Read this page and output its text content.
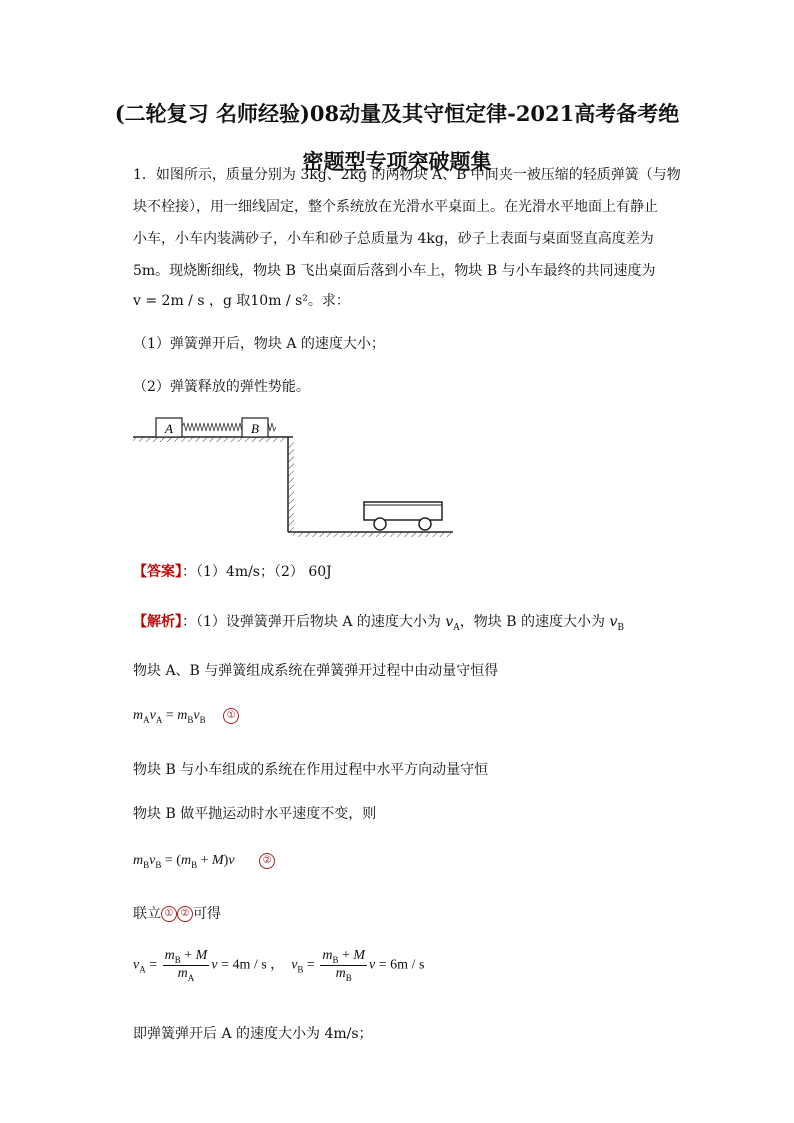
(二轮复习 名师经验)08动量及其守恒定律-2021高考备考绝
密题型专项突破题集
1．如图所示，质量分别为 3kg、2kg 的两物块 A、B 中间夹一被压缩的轻质弹簧（与物
块不栓接），用一细线固定，整个系统放在光滑水平桌面上。在光滑水平地面上有静止
小车，小车内装满砂子，小车和砂子总质量为 4kg，砂子上表面与桌面竖直高度差为
5m。现烧断细线，物块 B 飞出桌面后落到小车上，物块 B 与小车最终的共同速度为
v = 2m / s ，g 取10m / s²。求：
（1）弹簧弹开后，物块 A 的速度大小；
（2）弹簧释放的弹性势能。
A	B
【答案】：（1）4m/s；（2） 60J
【解析】：（1）设弹簧弹开后物块 A 的速度大小为 $v_A$，物块 B 的速度大小为 $v_B$
物块 A、B 与弹簧组成系统在弹簧弹开过程中由动量守恒得
$m_Av_A = m_Bv_B$ ①
物块 B 与小车组成的系统在作用过程中水平方向动量守恒
物块 B 做平抛运动时水平速度不变，则
$m_Bv_B = (m_B + M)v$	②
联立 ① ② 可得
$v_A = \frac{m_B + M}{m_A}$ v = 4m / s ， $v_B = \frac{m_B + M}{m_B}$ v = 6m / s
即弹簧弹开后 A 的速度大小为 4m/s；
